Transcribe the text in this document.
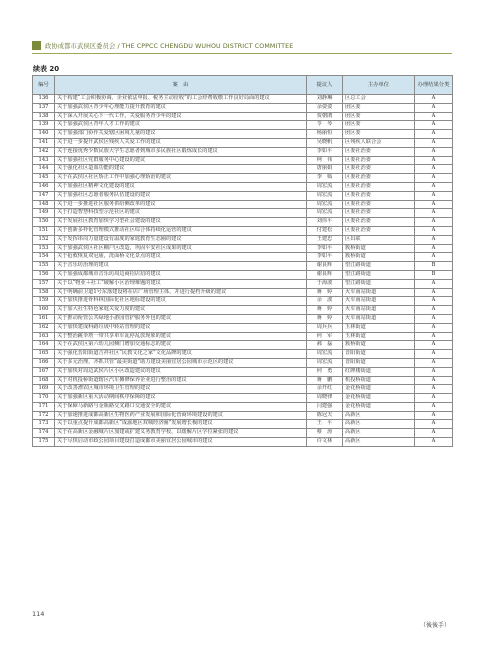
政协成都市武侯区委员会 / THE CPPCC CHENGDU WUHOU DISTRICT COMMITTEE
续表 20
编号	案　由	提议人	主办单位	办理结果分类
136	关于构建“工会积极协调、企业依法申报、税务主动征收”的工会经费收缴工作良好局面的建议	刘静琳	区总工会	A
137	关于加强武侯区青少年心理能力提升教育的建议	余姿姿	团区委	A
138	关于深入开展关心下一代工作，关爱服务青少年的建议	贾朝鹃	团区委	A
139	关于加强武侯区青年人才工作的建议	苓　琴	团区委	A
140	关于加强部门协作关爱辖区困境儿童的建议	杨丽恒	团区委	A
141	关于进一步提升武侯区残疾人关爱工作的建议	吴晓帆	区残疾人联合会	A
142	关于连接优秀少数民族大学生志愿者到城市多民族社区锻炼成长的建议	李如平	区委社治委	A
143	关于加强社区党群服务中心建设的建议	柯　伟	区委社治委	A
144	关于强化社区造血功能的建议	唐丽娟	区委社治委	A
145	关于在武侯区社区矫正工作中加强心理矫治的建议	李　嫣	区委社治委	A
146	关于加强社区精神文化建设的建议	周宏流	区委社治委	A
147	关于加强社区志愿者服务队伍建设的建议	周宏流	区委社治委	A
148	关于进一步推进社区服务供给侧改革的建议	周宏流	区委社治委	A
149	关于打造智慧科技型示范社区的建议	周宏流	区委社治委	A
150	关于发展社区教育加快学习型社会建设的建议	刘伟平	区委社治委	A
151	关于创新多样化管理模式推动社区综合体持续化运营的建议	付建松	区委社治委	A
152	关于发挥串岗力量建设有温度的家庭教育生态圈的建议	王建忠	区妇联	A
153	关于加强武侯区社区棚户区改造，巩固平安社区成果的建议	李如平	簇桥街道	A
154	关于抢救恢复双冠庙，洗面桥文化景点的建议	李如平	簇桥街道	A
155	关于音乐坊治理的建议	谢良辉	望江路街道	B
156	关于加强成都城市音乐坊周边商招店招的建议	谢良辉	望江路街道	B
157	关于以“物业＋社工”破解小区治理难题的建议	于海波	望江路街道	A
158	关于明确前卫道1号东落建设将在店广场管理主体，并进行提档升级的建议	蒋　婷	火车南站街道	A
159	关于加快推进骨科林国际化社区地标建设的建议	余　波	火车南站街道	A
160	关于加大社生特色家庭关爱力度的建议	蒋　婷	火车南站街道	A
161	关于推动衔管公共绿地小游园管护服务外包的建议	蒋　婷	火车南站街道	A
162	关于加快建成科路垃圾中转站管理的建议	周兵兵	玉林街道	A
163	关于整治跳伞塔一带共享单车乱停乱放现象的建议	何　军	玉林街道	A
164	关于在武侯区第六幼儿园侧门增加交通标志的建议	郝　磊	簇桥街道	A
165	关于强化晋阳街道吉祥社区“民教文化之家”文化品牌的建议	周宏流	晋阳街道	A
166	关于多元治理，齐抓共管“最美街道”助力建设美丽宜居公园城市示范区的建议	周宏流	晋阳街道	A
167	关于加快对周边武侯片区小区改造建议的建议	何　勇	红牌楼街道	A
168	关于对机投桥街道辖区汽车摊修保养企业进行整治的建议	蒋　鹏	机投桥街道	A
169	关于改善漕农区城市环境卫生管理的建议	余开红	金花桥街道	A
170	关于加强新区重大活动期间秩序保障的建议	周晓律	金花桥街道	A
171	关于保障马新路与金瓶路交叉路口交通安全的建议	闫建强	金花桥街道	A
172	关于加速推进成都高新区生物医药产业发展和国际化营商环境建设的建议	陈冠夫	高新区	A
173	关于以重点提升成都高新区“成渝地区双城经济圈”发展增长极的建议	王　平	高新区	A
174	关于在高新区金融城片区加建或扩建义务教育学校，以缓解片区学位紧张的建议	蔡　涛	高新区	A
175	关于尽快启动市政公园项目建设打造成都市美丽宜居公园城市的建议	许文林	高新区	A
114
（後後手）
